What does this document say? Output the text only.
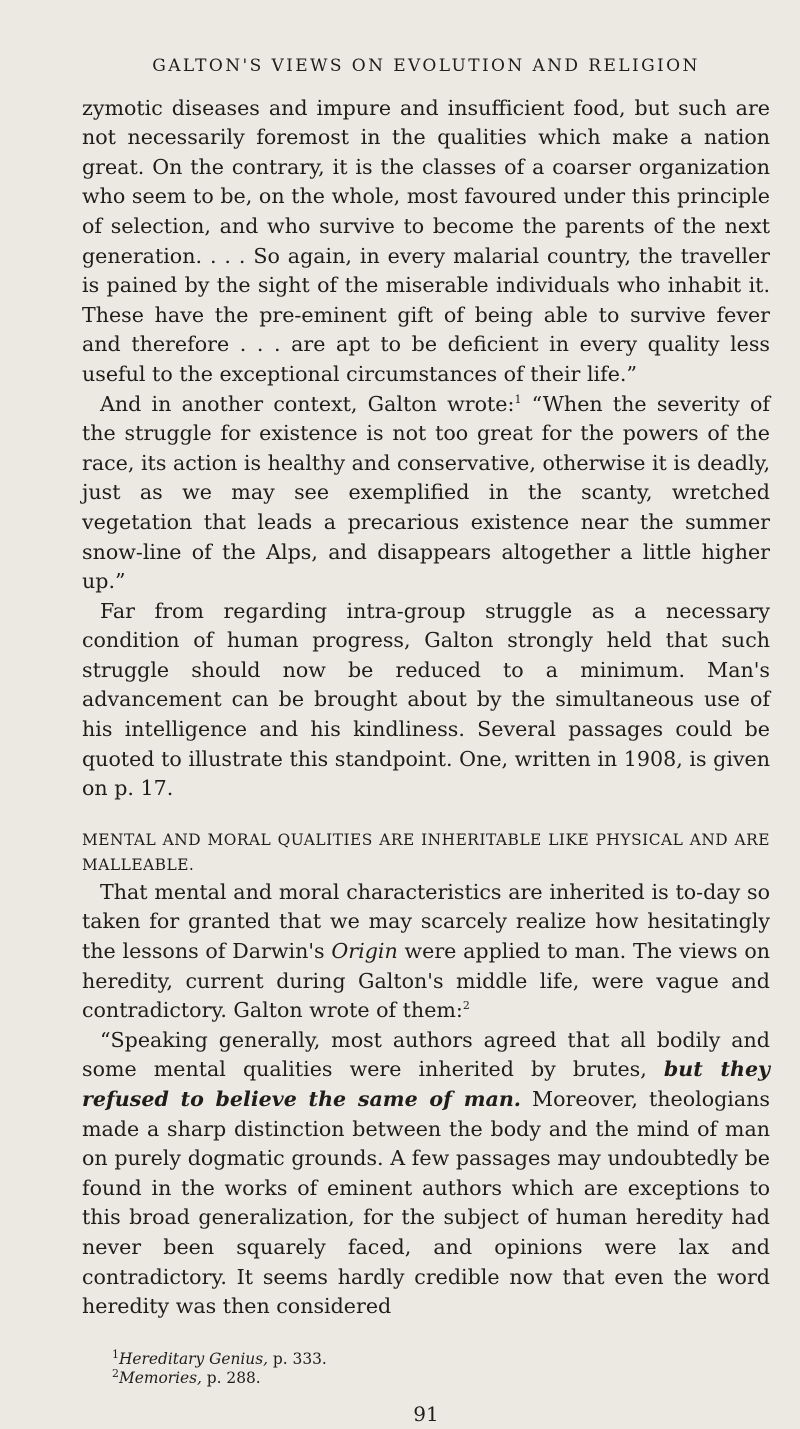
GALTON'S VIEWS ON EVOLUTION AND RELIGION

zymotic diseases and impure and insufficient food, but such are not necessarily foremost in the qualities which make a nation great. On the contrary, it is the classes of a coarser organization who seem to be, on the whole, most favoured under this principle of selection, and who survive to become the parents of the next generation. . . . So again, in every malarial country, the traveller is pained by the sight of the miserable individuals who inhabit it. These have the pre-eminent gift of being able to survive fever and therefore . . . are apt to be deficient in every quality less useful to the exceptional circumstances of their life.”

And in another context, Galton wrote:$^1$ “When the severity of the struggle for existence is not too great for the powers of the race, its action is healthy and conservative, otherwise it is deadly, just as we may see exemplified in the scanty, wretched vegetation that leads a precarious existence near the summer snow-line of the Alps, and disappears altogether a little higher up.”

Far from regarding intra-group struggle as a necessary condition of human progress, Galton strongly held that such struggle should now be reduced to a minimum. Man's advancement can be brought about by the simultaneous use of his intelligence and his kindliness. Several passages could be quoted to illustrate this standpoint. One, written in 1908, is given on p. 17.

MENTAL AND MORAL QUALITIES ARE INHERITABLE LIKE PHYSICAL AND ARE MALLEABLE.

That mental and moral characteristics are inherited is to-day so taken for granted that we may scarcely realize how hesitatingly the lessons of Darwin's Origin were applied to man. The views on heredity, current during Galton's middle life, were vague and contradictory. Galton wrote of them:$^2$

“Speaking generally, most authors agreed that all bodily and some mental qualities were inherited by brutes, but they refused to believe the same of man. Moreover, theologians made a sharp distinction between the body and the mind of man on purely dogmatic grounds. A few passages may undoubtedly be found in the works of eminent authors which are exceptions to this broad generalization, for the subject of human heredity had never been squarely faced, and opinions were lax and contradictory. It seems hardly credible now that even the word heredity was then considered

$^1$Hereditary Genius, p. 333.
$^2$Memories, p. 288.
91
